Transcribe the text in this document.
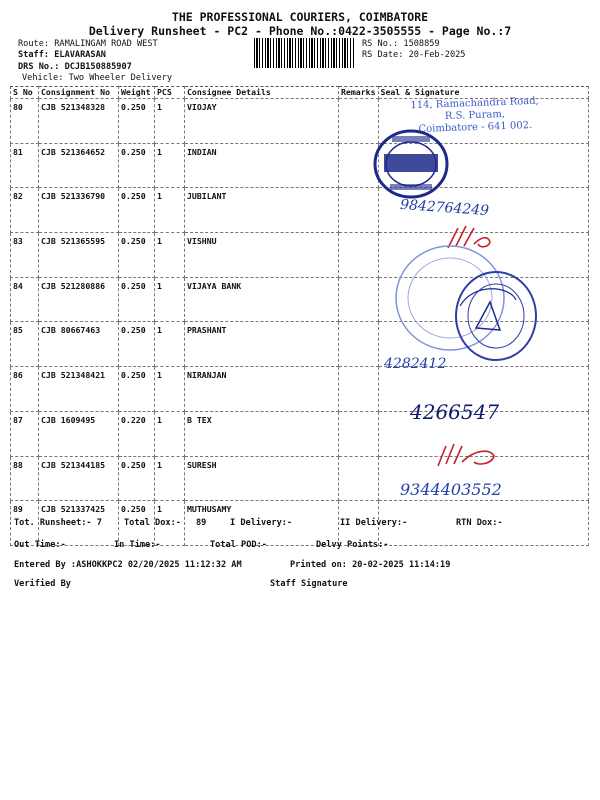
THE PROFESSIONAL COURIERS, COIMBATORE
Delivery Runsheet - PC2 - Phone No.:0422-3505555 - Page No.:7
Route: RAMALINGAM ROAD WEST
Staff: ELAVARASAN
DRS No.: DCJB150885907
Vehicle: Two Wheeler Delivery
RS No.: 1508859
RS Date: 20-Feb-2025
S No	Consignment No	Weight	PCS	Consignee Details	Remarks	Seal & Signature
80	CJB 521348328	0.250	1	VIOJAY		
81	CJB 521364652	0.250	1	INDIAN		
82	CJB 521336790	0.250	1	JUBILANT		
83	CJB 521365595	0.250	1	VISHNU		
84	CJB 521280886	0.250	1	VIJAYA BANK		
85	CJB 80667463	0.250	1	PRASHANT		
86	CJB 521348421	0.250	1	NIRANJAN		
87	CJB 1609495	0.220	1	B TEX		
88	CJB 521344185	0.250	1	SURESH		
89	CJB 521337425	0.250	1	MUTHUSAMY		
114, Ramachandra Road,
R.S. Puram,
Coimbatore - 641 002.
9842764249
4282412
4266547
9344403552
Tot. Runsheet:- 7	Total Dox:- 89	I Delivery:-	II Delivery:-	RTN Dox:-
Out Time:-	In Time:-	Total POD:-	Delvy Points:-
Entered By :ASHOKKPC2 02/20/2025 11:12:32 AM	Printed on: 20-02-2025 11:14:19
Verified By	Staff Signature
